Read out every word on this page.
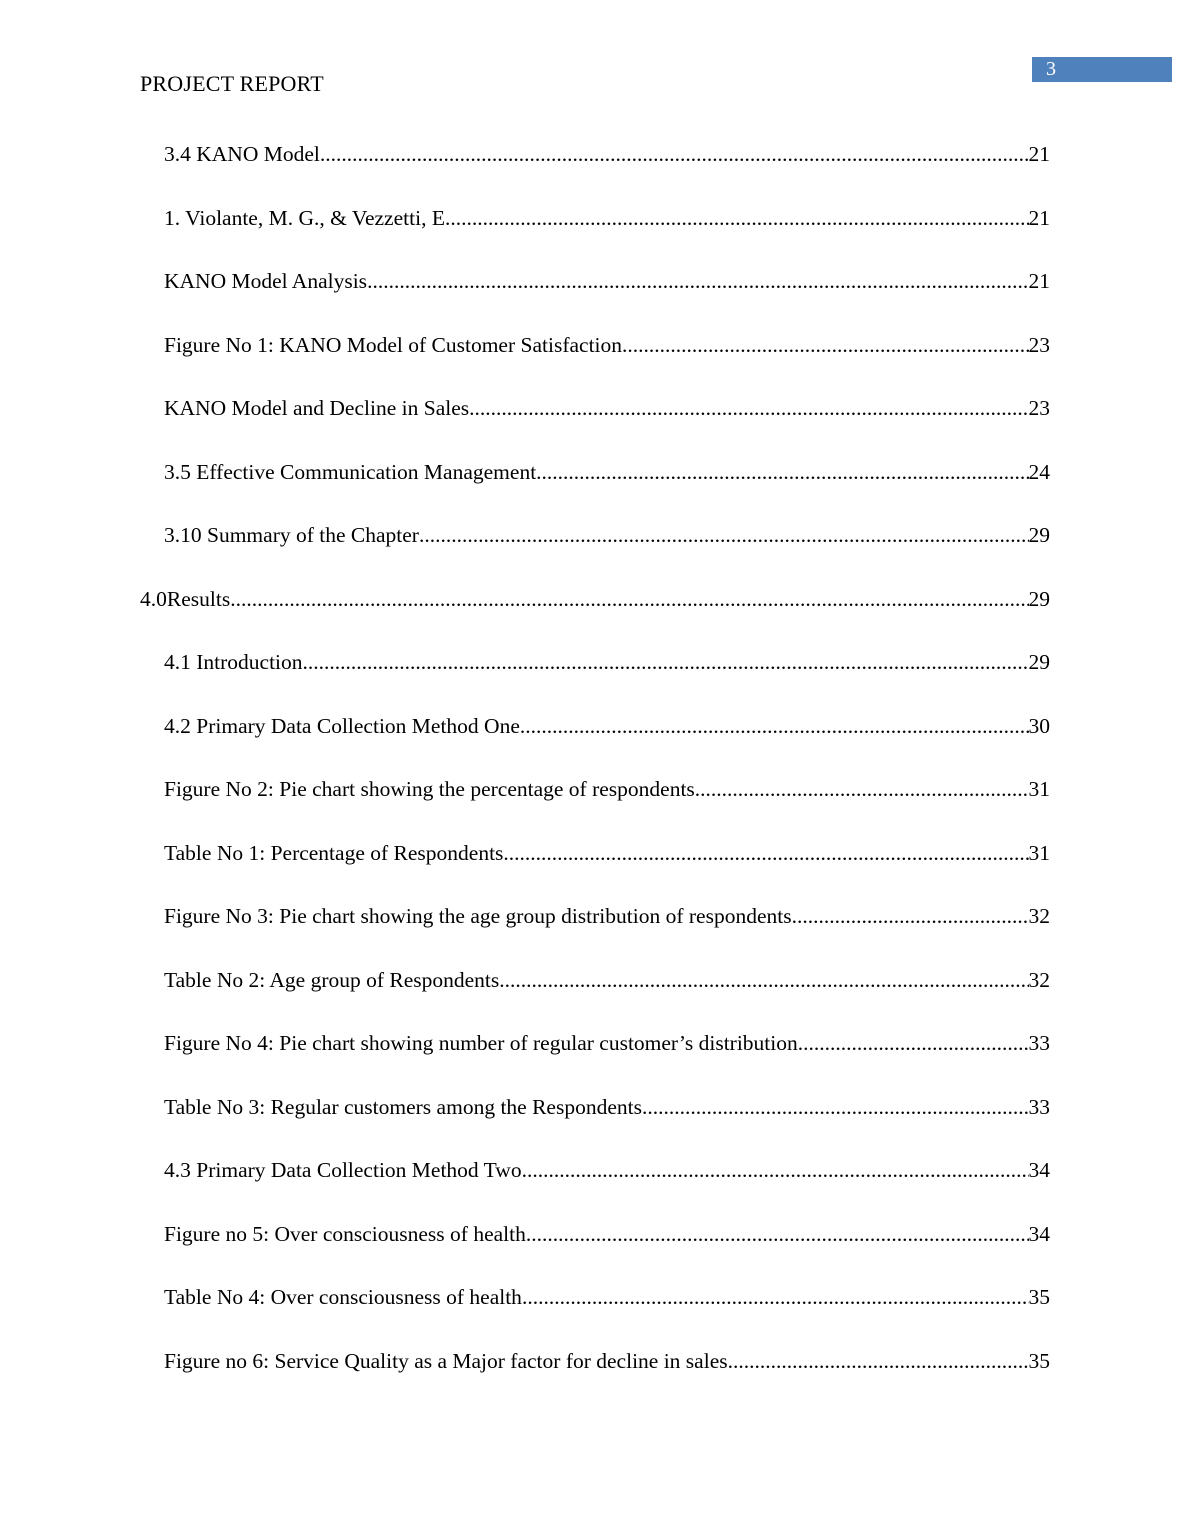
3
PROJECT REPORT
3.4 KANO Model .....	21
1. Violante, M. G., & Vezzetti, E. .....	21
KANO Model Analysis .....	21
Figure No 1: KANO Model of Customer Satisfaction .....	23
KANO Model and Decline in Sales .....	23
3.5 Effective Communication Management .....	24
3.10 Summary of the Chapter .....	29
4.0Results .....	29
4.1 Introduction .....	29
4.2 Primary Data Collection Method One .....	30
Figure No 2: Pie chart showing the percentage of respondents .....	31
Table No 1: Percentage of Respondents .....	31
Figure No 3: Pie chart showing the age group distribution of respondents .....	32
Table No 2: Age group of Respondents .....	32
Figure No 4: Pie chart showing number of regular customer’s distribution .....	33
Table No 3: Regular customers among the Respondents .....	33
4.3 Primary Data Collection Method Two .....	34
Figure no 5: Over consciousness of health .....	34
Table No 4: Over consciousness of health .....	35
Figure no 6: Service Quality as a Major factor for decline in sales .....	35
